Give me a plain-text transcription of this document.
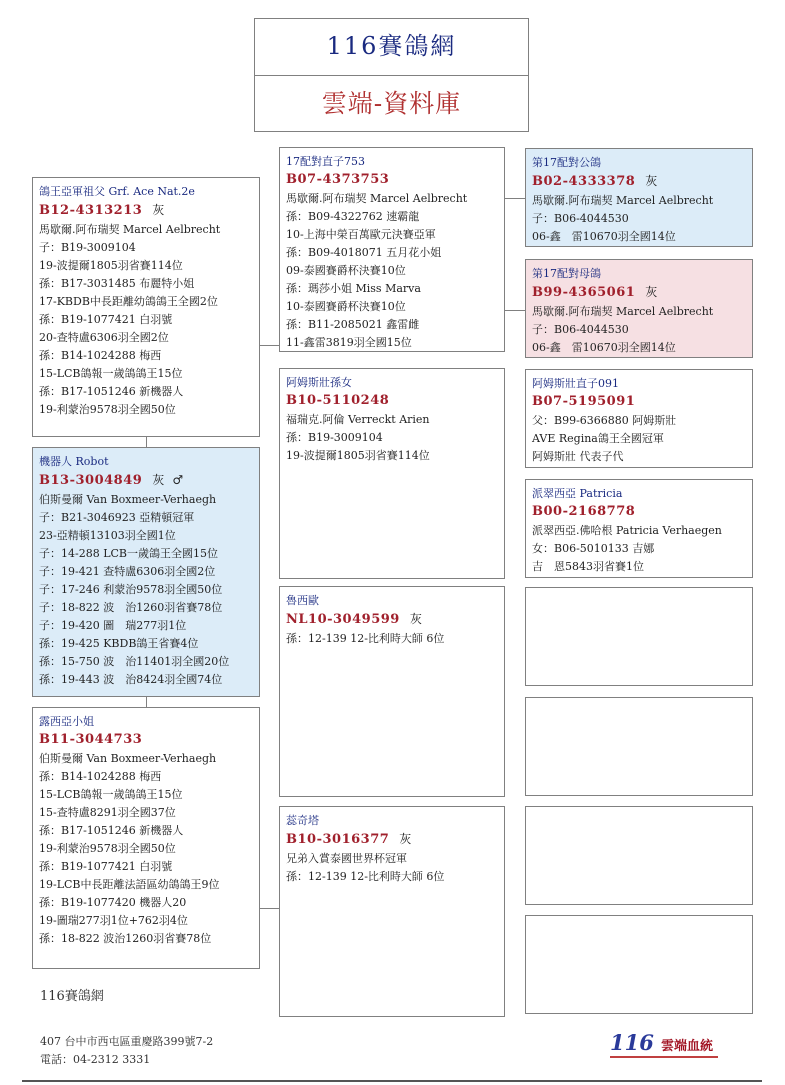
116賽鴿網
雲端-資料庫
鴿王亞軍祖父 Grf. Ace Nat.2e
B12-4313213 灰
馬歇爾.阿布瑞契 Marcel Aelbrecht
子：B19-3009104
19-波提爾1805羽省賽114位
孫：B17-3031485 布麗特小姐
17-KBDB中長距離幼鴿鴿王全國2位
孫：B19-1077421 白羽號
20-查特盧6306羽全國2位
孫：B14-1024288 梅西
15-LCB鴿報一歲鴿鴿王15位
孫：B17-1051246 新機器人
19-利蒙治9578羽全國50位
機器人 Robot
B13-3004849 灰 ♂
伯斯曼爾 Van Boxmeer-Verhaegh
子：B21-3046923 亞精頓冠軍
23-亞精頓13103羽全國1位
子：14-288 LCB一歲鴿王全國15位
子：19-421 查特盧6306羽全國2位
子：17-246 利蒙治9578羽全國50位
子：18-822 波　治1260羽省賽78位
子：19-420 圖　瑞277羽1位
孫：19-425 KBDB鴿王省賽4位
孫：15-750 波　治11401羽全國20位
孫：19-443 波　治8424羽全國74位
露西亞小姐
B11-3044733
伯斯曼爾 Van Boxmeer-Verhaegh
孫：B14-1024288 梅西
15-LCB鴿報一歲鴿鴿王15位
15-查特盧8291羽全國37位
孫：B17-1051246 新機器人
19-利蒙治9578羽全國50位
孫：B19-1077421 白羽號
19-LCB中長距離法語區幼鴿鴿王9位
孫：B19-1077420 機器人20
19-圖瑞277羽1位+762羽4位
孫：18-822 波治1260羽省賽78位
17配對直子753
B07-4373753
馬歇爾.阿布瑞契 Marcel Aelbrecht
孫：B09-4322762 速霸龍
10-上海中榮百萬歐元決賽亞軍
孫：B09-4018071 五月花小姐
09-泰國賽爵杯決賽10位
孫：瑪莎小姐 Miss Marva
10-泰國賽爵杯決賽10位
孫：B11-2085021 鑫雷雌
11-鑫雷3819羽全國15位
阿姆斯壯孫女
B10-5110248
福瑞克.阿倫 Verreckt Arien
孫：B19-3009104
19-波提爾1805羽省賽114位
魯西歐
NL10-3049599 灰
孫：12-139 12-比利時大師 6位
蕊奇塔
B10-3016377 灰
兄弟入賞泰國世界杯冠軍
孫：12-139 12-比利時大師 6位
第17配對公鴿
B02-4333378 灰
馬歇爾.阿布瑞契 Marcel Aelbrecht
子：B06-4044530
06-鑫　雷10670羽全國14位
第17配對母鴿
B99-4365061 灰
馬歇爾.阿布瑞契 Marcel Aelbrecht
子：B06-4044530
06-鑫　雷10670羽全國14位
阿姆斯壯直子091
B07-5195091
父：B99-6366880 阿姆斯壯
AVE Regina鴿王全國冠軍
阿姆斯壯 代表子代
派翠西亞 Patricia
B00-2168778
派翠西亞.佛哈根 Patricia Verhaegen
女：B06-5010133 吉娜
吉　恩5843羽省賽1位
116賽鴿網
407 台中市西屯區重慶路399號7-2
電話：04-2312 3331
116 雲端血統
